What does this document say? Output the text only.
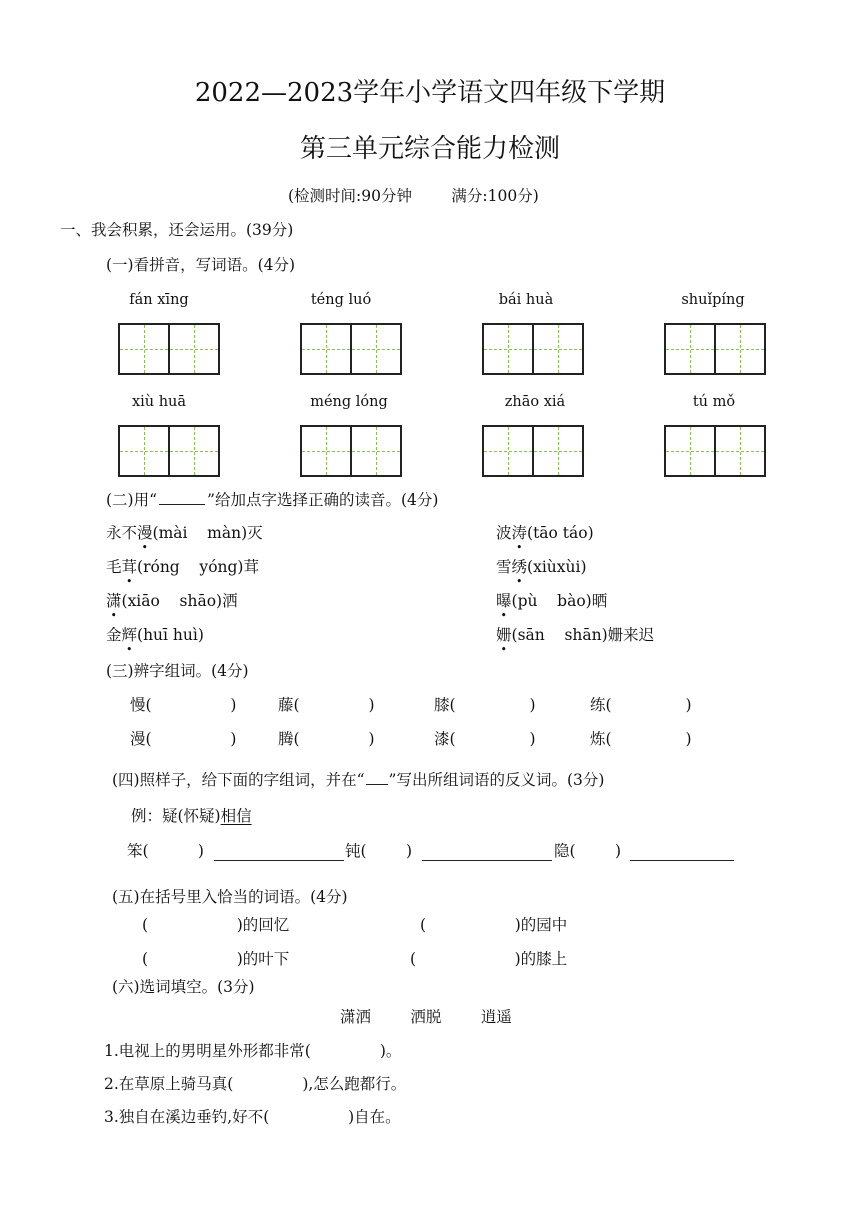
2022—2023学年小学语文四年级下学期
第三单元综合能力检测
(检测时间:90分钟        满分:100分)
一、我会积累，还会运用。(39分)
(一)看拼音，写词语。(4分)
fán xīng	téng luó	bái huà	shuǐpíng
xiù huā	méng lóng	zhāo xiá	tú mǒ
(二)用“	”给加点字选择正确的读音。(4分)
永不漫(mài    màn)灭	波涛(tāo táo)
毛茸(róng    yóng)茸	雪绣(xiùxùi)
潇(xiāo    shāo)洒	曝(pù    bào)晒
金辉(huī huì)	姗(sān    shān)姗来迟
(三)辨字组词。(4分)
慢(                )	藤(              )	膝(               )	练(               )
漫(                )	腾(              )	漆(               )	炼(               )
(四)照样子，给下面的字组词，并在“ ”写出所组词语的反义词。(3分)
例：疑(怀疑)相信
笨(          )	钝(        )	隐(        )
(五)在括号里入恰当的词语。(4分)
(                  )的回忆	(                  )的园中
(                  )的叶下	(                    )的膝上
(六)选词填空。(3分)
潇洒        洒脱        逍遥
1.电视上的男明星外形都非常(              )。
2.在草原上骑马真(              ),怎么跑都行。
3.独自在溪边垂钓,好不(                )自在。
